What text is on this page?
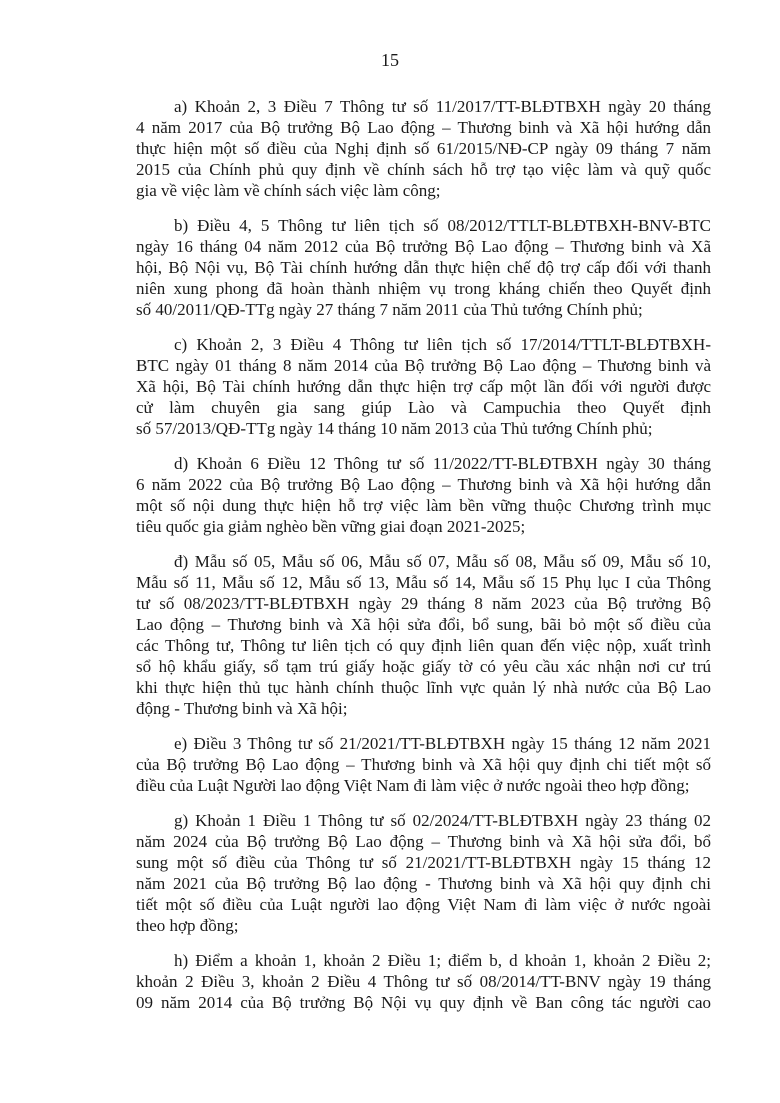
15
a) Khoản 2, 3 Điều 7 Thông tư số 11/2017/TT-BLĐTBXH ngày 20 tháng
4 năm 2017 của Bộ trưởng Bộ Lao động – Thương binh và Xã hội hướng dẫn
thực hiện một số điều của Nghị định số 61/2015/NĐ-CP ngày 09 tháng 7 năm
2015 của Chính phủ quy định về chính sách hỗ trợ tạo việc làm và quỹ quốc
gia về việc làm về chính sách việc làm công;
b) Điều 4, 5 Thông tư liên tịch số 08/2012/TTLT-BLĐTBXH-BNV-BTC
ngày 16 tháng 04 năm 2012 của Bộ trưởng Bộ Lao động – Thương binh và Xã
hội, Bộ Nội vụ, Bộ Tài chính hướng dẫn thực hiện chế độ trợ cấp đối với thanh
niên xung phong đã hoàn thành nhiệm vụ trong kháng chiến theo Quyết định
số 40/2011/QĐ-TTg ngày 27 tháng 7 năm 2011 của Thủ tướng Chính phủ;
c) Khoản 2, 3 Điều 4 Thông tư liên tịch số 17/2014/TTLT-BLĐTBXH-
BTC ngày 01 tháng 8 năm 2014 của Bộ trưởng Bộ Lao động – Thương binh và
Xã hội, Bộ Tài chính hướng dẫn thực hiện trợ cấp một lần đối với người được
cử làm chuyên gia sang giúp Lào và Campuchia theo Quyết định
số 57/2013/QĐ-TTg ngày 14 tháng 10 năm 2013 của Thủ tướng Chính phủ;
d) Khoản 6 Điều 12 Thông tư số 11/2022/TT-BLĐTBXH ngày 30 tháng
6 năm 2022 của Bộ trưởng Bộ Lao động – Thương binh và Xã hội hướng dẫn
một số nội dung thực hiện hỗ trợ việc làm bền vững thuộc Chương trình mục
tiêu quốc gia giảm nghèo bền vững giai đoạn 2021-2025;
đ) Mẫu số 05, Mẫu số 06, Mẫu số 07, Mẫu số 08, Mẫu số 09, Mẫu số 10,
Mẫu số 11, Mẫu số 12, Mẫu số 13, Mẫu số 14, Mẫu số 15 Phụ lục I của Thông
tư số 08/2023/TT-BLĐTBXH ngày 29 tháng 8 năm 2023 của Bộ trưởng Bộ
Lao động – Thương binh và Xã hội sửa đổi, bổ sung, bãi bỏ một số điều của
các Thông tư, Thông tư liên tịch có quy định liên quan đến việc nộp, xuất trình
sổ hộ khẩu giấy, sổ tạm trú giấy hoặc giấy tờ có yêu cầu xác nhận nơi cư trú
khi thực hiện thủ tục hành chính thuộc lĩnh vực quản lý nhà nước của Bộ Lao
động - Thương binh và Xã hội;
e) Điều 3 Thông tư số 21/2021/TT-BLĐTBXH ngày 15 tháng 12 năm 2021
của Bộ trưởng Bộ Lao động – Thương binh và Xã hội quy định chi tiết một số
điều của Luật Người lao động Việt Nam đi làm việc ở nước ngoài theo hợp đồng;
g) Khoản 1 Điều 1 Thông tư số 02/2024/TT-BLĐTBXH ngày 23 tháng 02
năm 2024 của Bộ trưởng Bộ Lao động – Thương binh và Xã hội sửa đổi, bổ
sung một số điều của Thông tư số 21/2021/TT-BLĐTBXH ngày 15 tháng 12
năm 2021 của Bộ trưởng Bộ lao động - Thương binh và Xã hội quy định chi
tiết một số điều của Luật người lao động Việt Nam đi làm việc ở nước ngoài
theo hợp đồng;
h) Điểm a khoản 1, khoản 2 Điều 1; điểm b, d khoản 1, khoản 2 Điều 2;
khoản 2 Điều 3, khoản 2 Điều 4 Thông tư số 08/2014/TT-BNV ngày 19 tháng
09 năm 2014 của Bộ trưởng Bộ Nội vụ quy định về Ban công tác người cao
